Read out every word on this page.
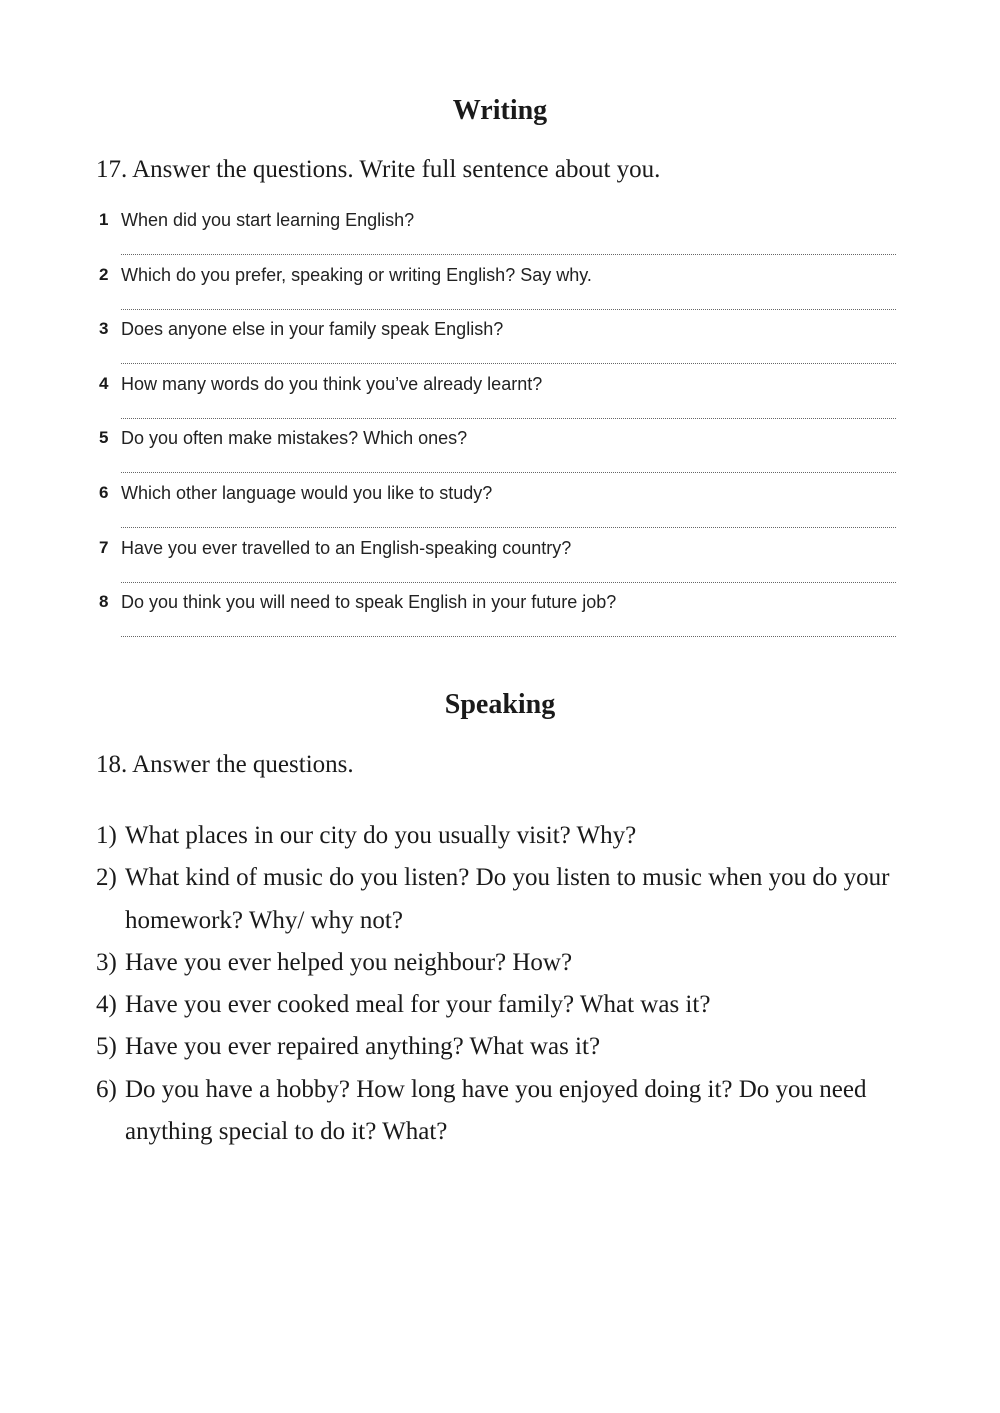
Writing

17. Answer the questions. Write full sentence about you.

1 When did you start learning English?
2 Which do you prefer, speaking or writing English? Say why.
3 Does anyone else in your family speak English?
4 How many words do you think you’ve already learnt?
5 Do you often make mistakes? Which ones?
6 Which other language would you like to study?
7 Have you ever travelled to an English-speaking country?
8 Do you think you will need to speak English in your future job?
Speaking

18. Answer the questions.

1) What places in our city do you usually visit? Why?
2) What kind of music do you listen? Do you listen to music when you do your homework? Why/ why not?
3) Have you ever helped you neighbour? How?
4) Have you ever cooked meal for your family? What was it?
5) Have you ever repaired anything? What was it?
6) Do you have a hobby? How long have you enjoyed doing it? Do you need anything special to do it? What?
